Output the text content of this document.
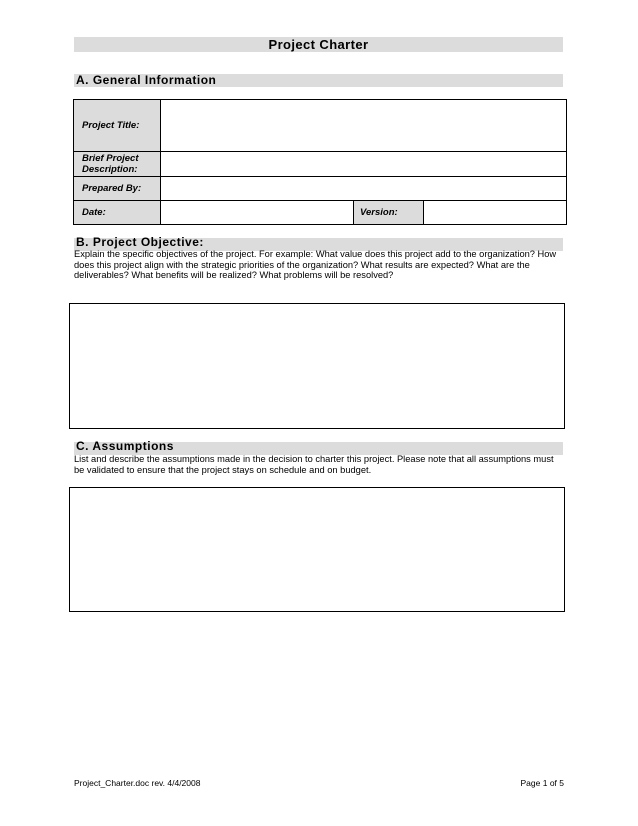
Project Charter
A. General Information
Project Title:			
Brief Project Description:			
Prepared By:			
Date:		Version:	
B. Project Objective:

Explain the specific objectives of the project. For example: What value does this project add to the organization? How does this project align with the strategic priorities of the organization? What results are expected? What are the deliverables? What benefits will be realized? What problems will be resolved?

C. Assumptions

List and describe the assumptions made in the decision to charter this project. Please note that all assumptions must be validated to ensure that the project stays on schedule and on budget.

Project_Charter.doc rev. 4/4/2008	Page 1 of 5
